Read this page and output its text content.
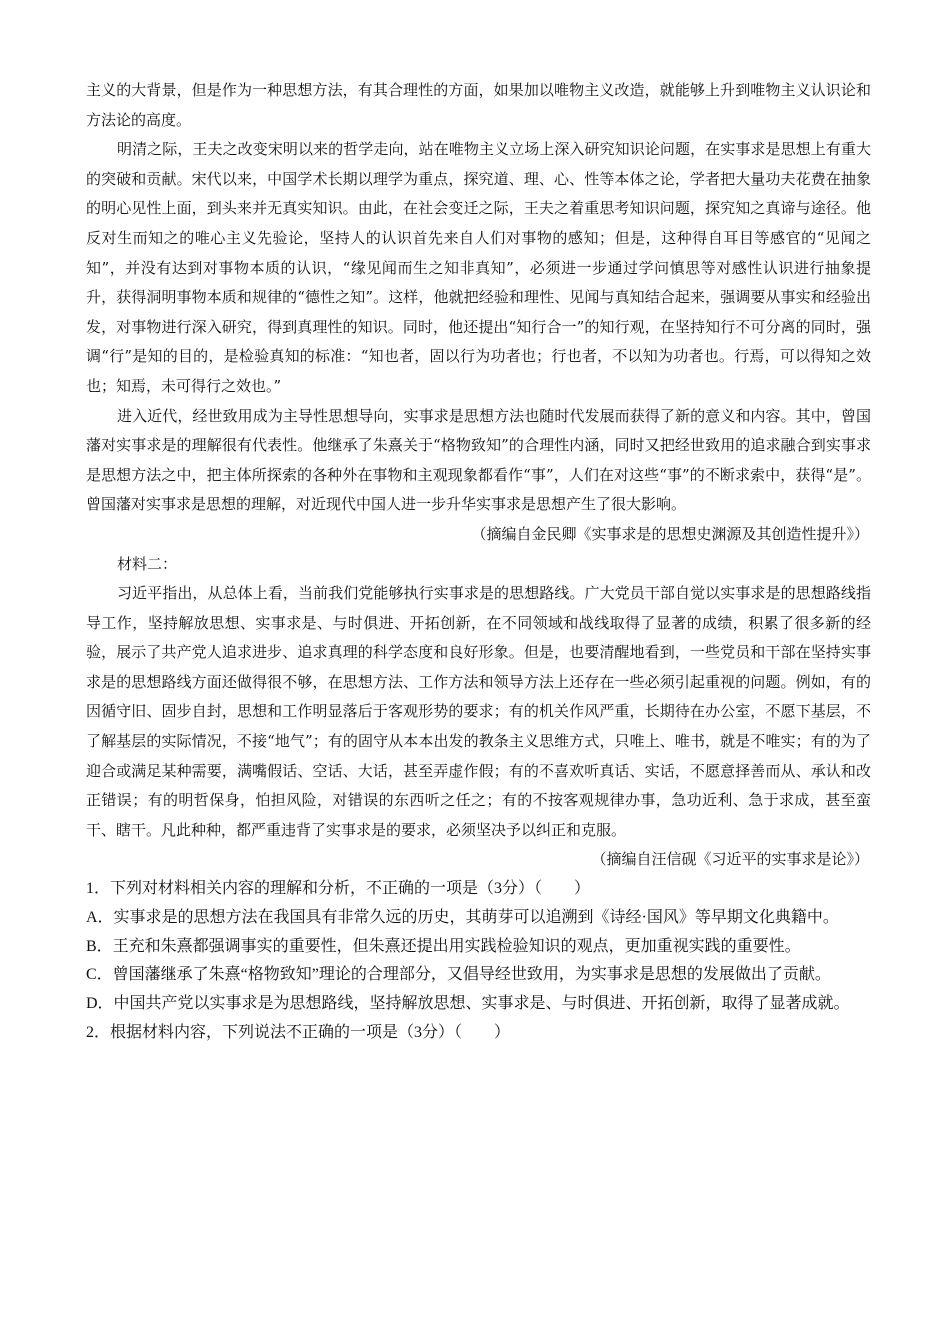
主义的大背景，但是作为一种思想方法，有其合理性的方面，如果加以唯物主义改造，就能够上升到唯物主义认识论和方法论的高度。

明清之际，王夫之改变宋明以来的哲学走向，站在唯物主义立场上深入研究知识论问题，在实事求是思想上有重大的突破和贡献。宋代以来，中国学术长期以理学为重点，探究道、理、心、性等本体之论，学者把大量功夫花费在抽象的明心见性上面，到头来并无真实知识。由此，在社会变迁之际，王夫之着重思考知识问题，探究知之真谛与途径。他反对生而知之的唯心主义先验论，坚持人的认识首先来自人们对事物的感知；但是，这种得自耳目等感官的“见闻之知”，并没有达到对事物本质的认识，“缘见闻而生之知非真知”，必须进一步通过学问慎思等对感性认识进行抽象提升，获得洞明事物本质和规律的“德性之知”。这样，他就把经验和理性、见闻与真知结合起来，强调要从事实和经验出发，对事物进行深入研究，得到真理性的知识。同时，他还提出“知行合一”的知行观，在坚持知行不可分离的同时，强调“行”是知的目的，是检验真知的标准：“知也者，固以行为功者也；行也者，不以知为功者也。行焉，可以得知之效也；知焉，未可得行之效也。”

进入近代，经世致用成为主导性思想导向，实事求是思想方法也随时代发展而获得了新的意义和内容。其中，曾国藩对实事求是的理解很有代表性。他继承了朱熹关于“格物致知”的合理性内涵，同时又把经世致用的追求融合到实事求是思想方法之中，把主体所探索的各种外在事物和主观现象都看作“事”，人们在对这些“事”的不断求索中，获得“是”。曾国藩对实事求是思想的理解，对近现代中国人进一步升华实事求是思想产生了很大影响。

（摘编自金民卿《实事求是的思想史渊源及其创造性提升》）

材料二：

习近平指出，从总体上看，当前我们党能够执行实事求是的思想路线。广大党员干部自觉以实事求是的思想路线指导工作，坚持解放思想、实事求是、与时俱进、开拓创新，在不同领域和战线取得了显著的成绩，积累了很多新的经验，展示了共产党人追求进步、追求真理的科学态度和良好形象。但是，也要清醒地看到，一些党员和干部在坚持实事求是的思想路线方面还做得很不够，在思想方法、工作方法和领导方法上还存在一些必须引起重视的问题。例如，有的因循守旧、固步自封，思想和工作明显落后于客观形势的要求；有的机关作风严重，长期待在办公室，不愿下基层，不了解基层的实际情况，不接“地气”；有的固守从本本出发的教条主义思维方式，只唯上、唯书，就是不唯实；有的为了迎合或满足某种需要，满嘴假话、空话、大话，甚至弄虚作假；有的不喜欢听真话、实话，不愿意择善而从、承认和改正错误；有的明哲保身，怕担风险，对错误的东西听之任之；有的不按客观规律办事，急功近利、急于求成，甚至蛮干、瞎干。凡此种种，都严重违背了实事求是的要求，必须坚决予以纠正和克服。

（摘编自汪信砚《习近平的实事求是论》）

1．下列对材料相关内容的理解和分析，不正确的一项是（3分）（　　）

A．实事求是的思想方法在我国具有非常久远的历史，其萌芽可以追溯到《诗经·国风》等早期文化典籍中。

B．王充和朱熹都强调事实的重要性，但朱熹还提出用实践检验知识的观点，更加重视实践的重要性。

C．曾国藩继承了朱熹“格物致知”理论的合理部分，又倡导经世致用，为实事求是思想的发展做出了贡献。

D．中国共产党以实事求是为思想路线，坚持解放思想、实事求是、与时俱进、开拓创新，取得了显著成就。

2．根据材料内容，下列说法不正确的一项是（3分）（　　）
